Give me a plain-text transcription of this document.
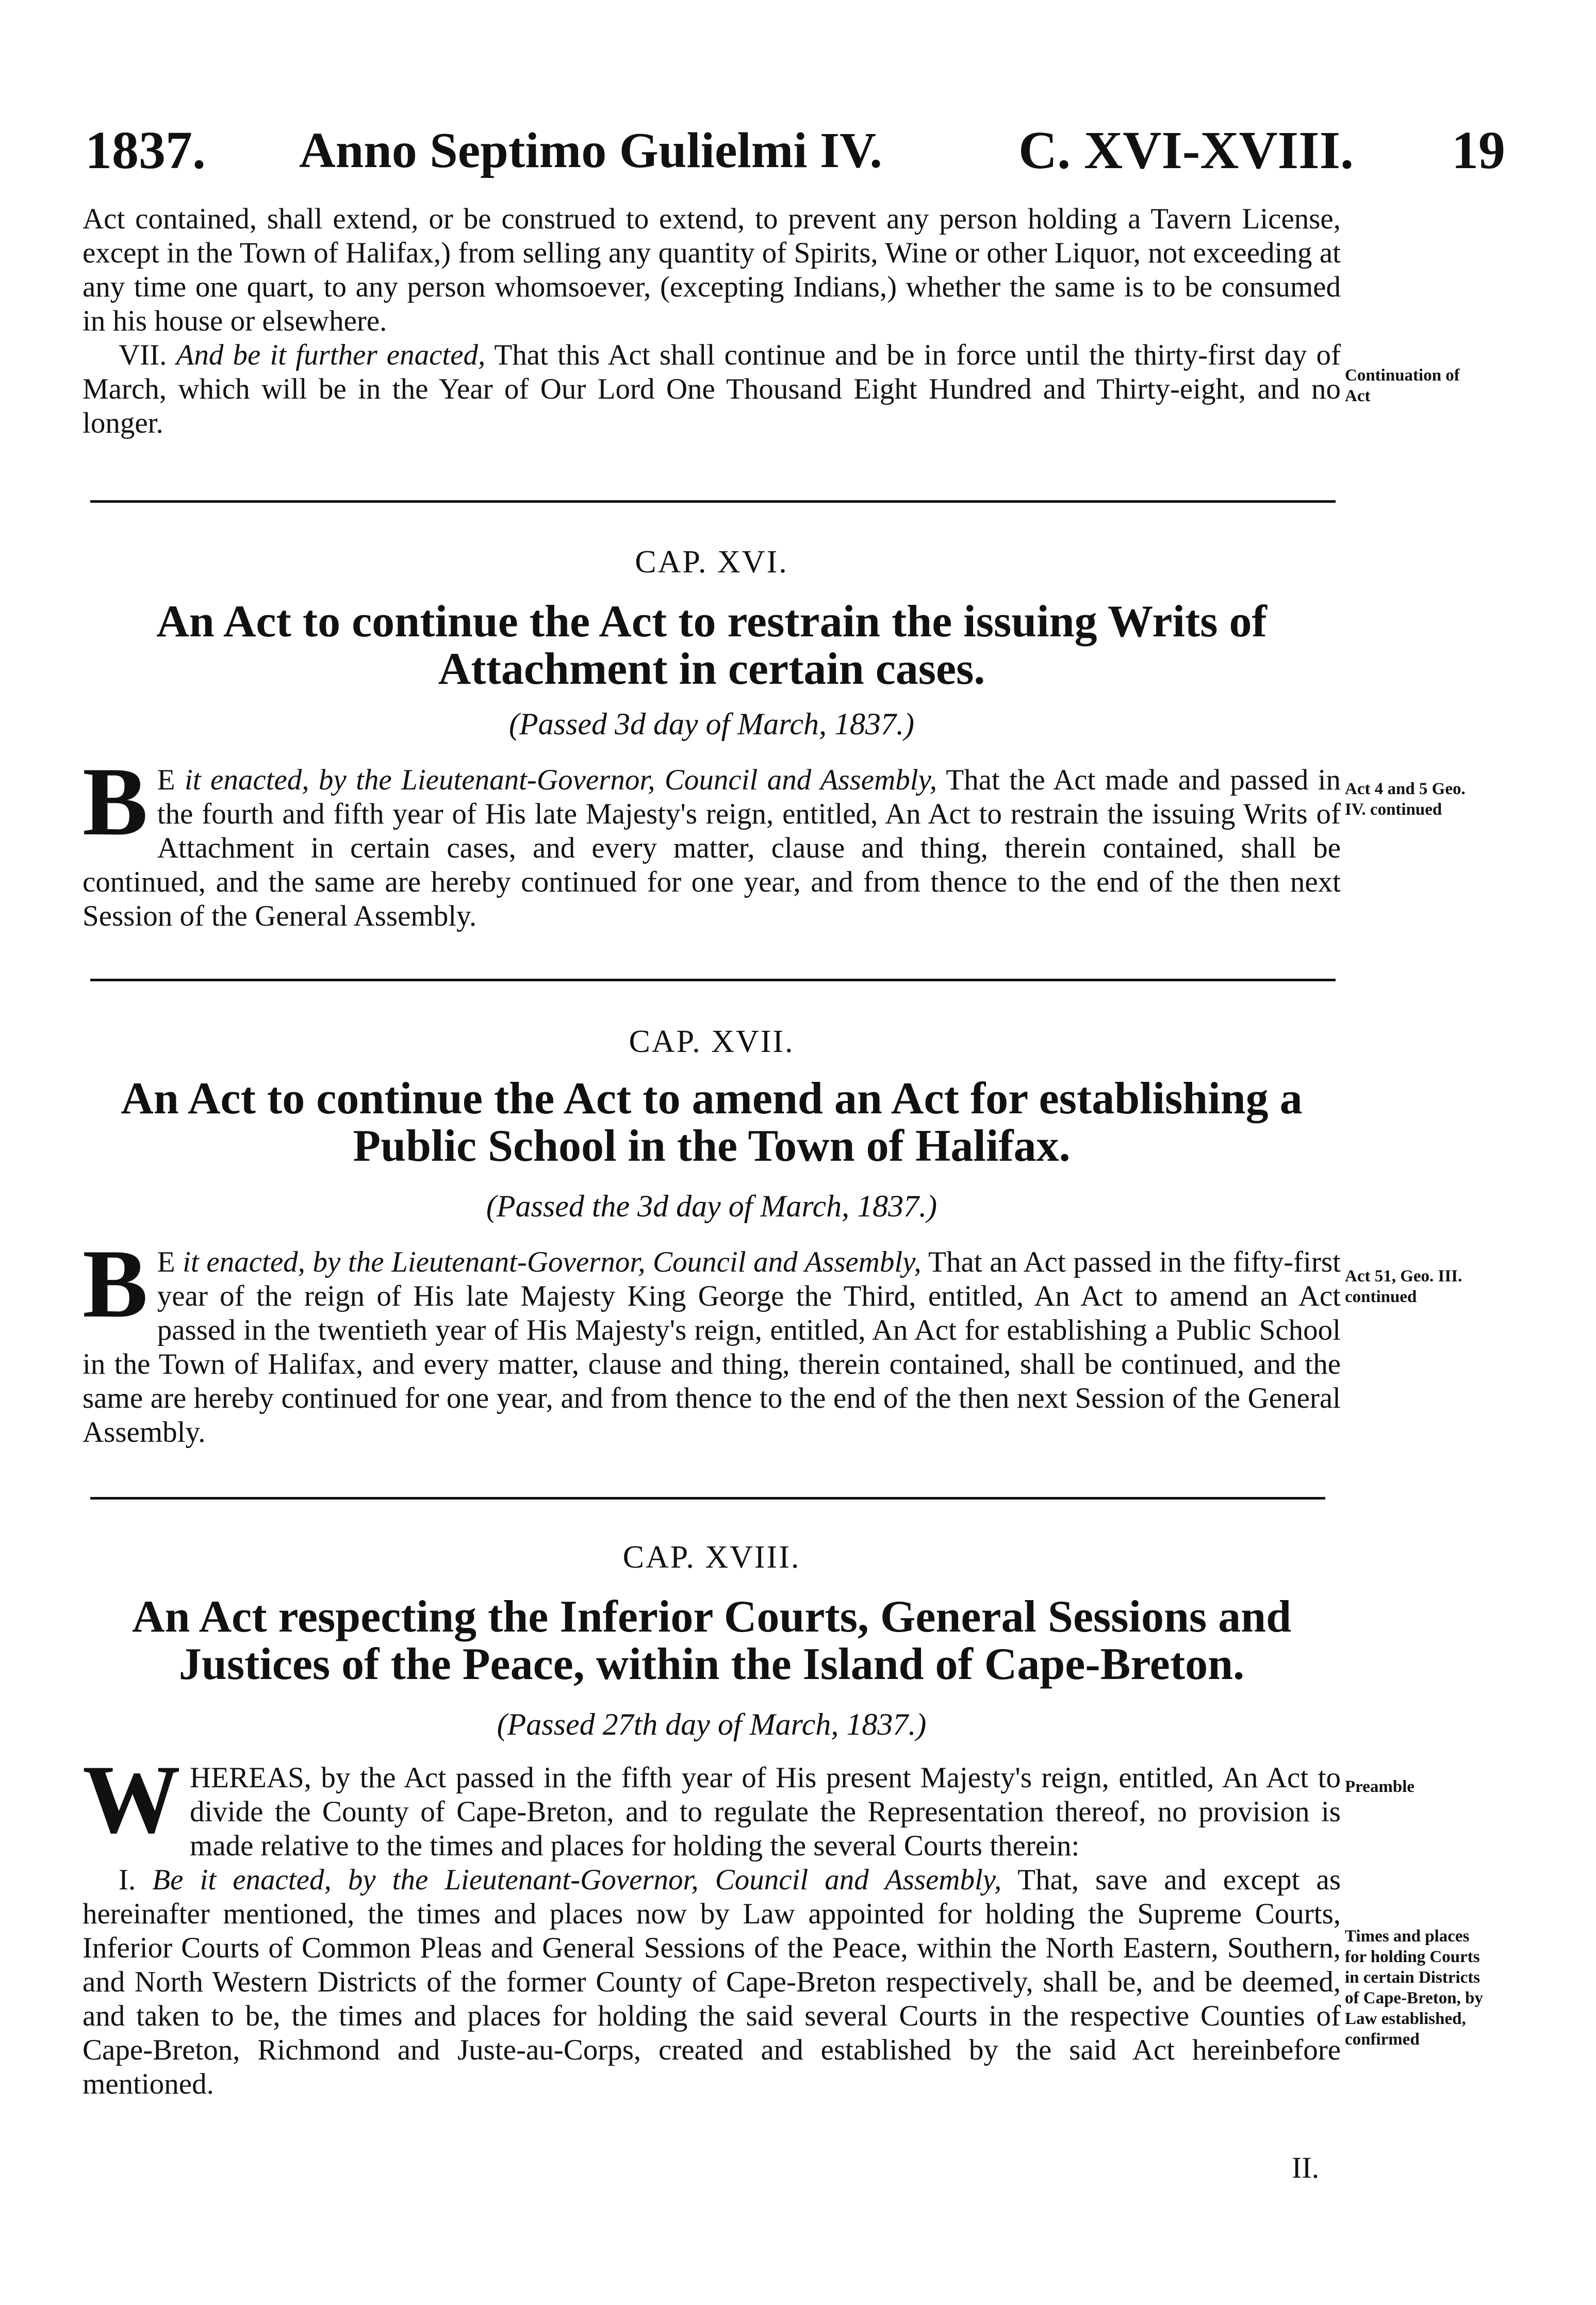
1837. Anno Septimo Gulielmi IV.	C. XVI-XVIII. 19

Act contained, shall extend, or be construed to extend, to prevent any person holding a Tavern License, except in the Town of Halifax,) from selling any quantity of Spirits, Wine or other Liquor, not exceeding at any time one quart, to any person whomsoever, (excepting Indians,) whether the same is to be consumed in his house or elsewhere.

VII. And be it further enacted, That this Act shall continue and be in force until the thirty-first day of March, which will be in the Year of Our Lord One Thousand Eight Hundred and Thirty-eight, and no longer.

Continuation of Act
CAP. XVI.
An Act to continue the Act to restrain the issuing Writs of Attachment in certain cases.
(Passed 3d day of March, 1837.)

B E it enacted, by the Lieutenant-Governor, Council and Assembly, That the Act made and passed in the fourth and fifth year of His late Majesty's reign, entitled, An Act to restrain the issuing Writs of Attachment in certain cases, and every matter, clause and thing, therein contained, shall be continued, and the same are hereby continued for one year, and from thence to the end of the then next Session of the General Assembly.

Act 4 and 5 Geo. IV. continued
CAP. XVII.
An Act to continue the Act to amend an Act for establishing a Public School in the Town of Halifax.
(Passed the 3d day of March, 1837.)

B E it enacted, by the Lieutenant-Governor, Council and Assembly, That an Act passed in the fifty-first year of the reign of His late Majesty King George the Third, entitled, An Act to amend an Act passed in the twentieth year of His Majesty's reign, entitled, An Act for establishing a Public School in the Town of Halifax, and every matter, clause and thing, therein contained, shall be continued, and the same are hereby continued for one year, and from thence to the end of the then next Session of the General Assembly.

Act 51, Geo. III. continued
CAP. XVIII.
An Act respecting the Inferior Courts, General Sessions and Justices of the Peace, within the Island of Cape-Breton.
(Passed 27th day of March, 1837.)

W HEREAS, by the Act passed in the fifth year of His present Majesty's reign, entitled, An Act to divide the County of Cape-Breton, and to regulate the Representation thereof, no provision is made relative to the times and places for holding the several Courts therein:

I. Be it enacted, by the Lieutenant-Governor, Council and Assembly, That, save and except as hereinafter mentioned, the times and places now by Law appointed for holding the Supreme Courts, Inferior Courts of Common Pleas and General Sessions of the Peace, within the North Eastern, Southern, and North Western Districts of the former County of Cape-Breton respectively, shall be, and be deemed, and taken to be, the times and places for holding the said several Courts in the respective Counties of Cape-Breton, Richmond and Juste-au-Corps, created and established by the said Act hereinbefore mentioned.

Preamble
Times and places for holding Courts in certain Districts of Cape-Breton, by Law established, confirmed
II.
